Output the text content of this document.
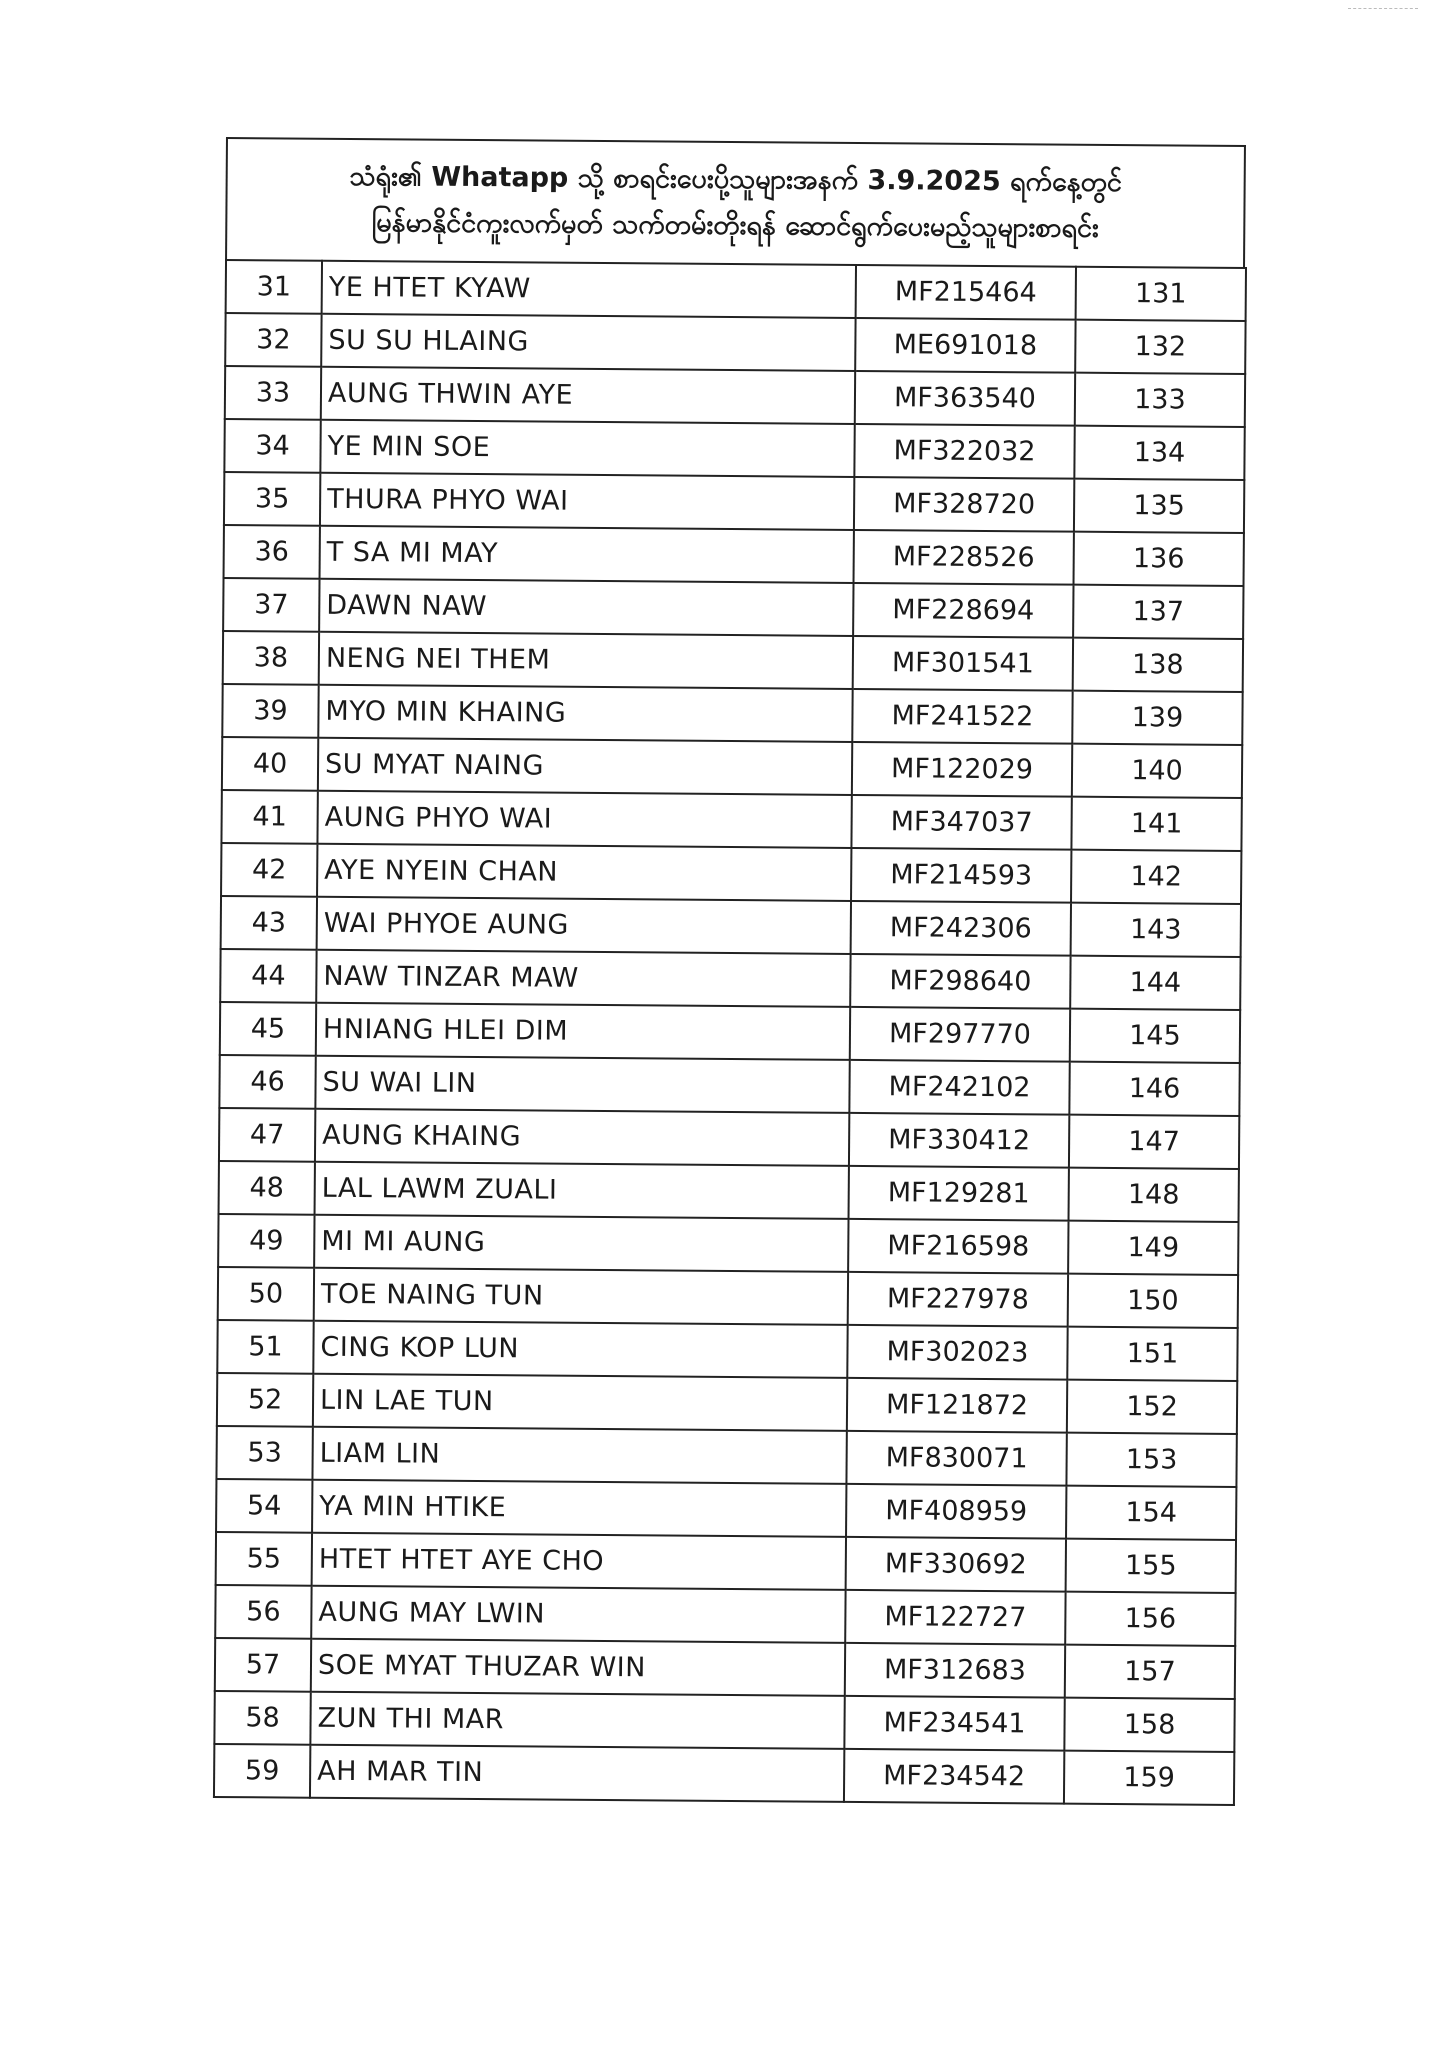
သံရုံး၏ Whatapp သို့ စာရင်းပေးပို့သူများအနက် 3.9.2025 ရက်နေ့တွင်
မြန်မာနိုင်ငံကူးလက်မှတ် သက်တမ်းတိုးရန် ဆောင်ရွက်ပေးမည့်သူများစာရင်း
31	YE HTET KYAW	MF215464	131
32	SU SU HLAING	ME691018	132
33	AUNG THWIN AYE	MF363540	133
34	YE MIN SOE	MF322032	134
35	THURA PHYO WAI	MF328720	135
36	T SA MI MAY	MF228526	136
37	DAWN NAW	MF228694	137
38	NENG NEI THEM	MF301541	138
39	MYO MIN KHAING	MF241522	139
40	SU MYAT NAING	MF122029	140
41	AUNG PHYO WAI	MF347037	141
42	AYE NYEIN CHAN	MF214593	142
43	WAI PHYOE AUNG	MF242306	143
44	NAW TINZAR MAW	MF298640	144
45	HNIANG HLEI DIM	MF297770	145
46	SU WAI LIN	MF242102	146
47	AUNG KHAING	MF330412	147
48	LAL LAWM ZUALI	MF129281	148
49	MI MI AUNG	MF216598	149
50	TOE NAING TUN	MF227978	150
51	CING KOP LUN	MF302023	151
52	LIN LAE TUN	MF121872	152
53	LIAM LIN	MF830071	153
54	YA MIN HTIKE	MF408959	154
55	HTET HTET AYE CHO	MF330692	155
56	AUNG MAY LWIN	MF122727	156
57	SOE MYAT THUZAR WIN	MF312683	157
58	ZUN THI MAR	MF234541	158
59	AH MAR TIN	MF234542	159
